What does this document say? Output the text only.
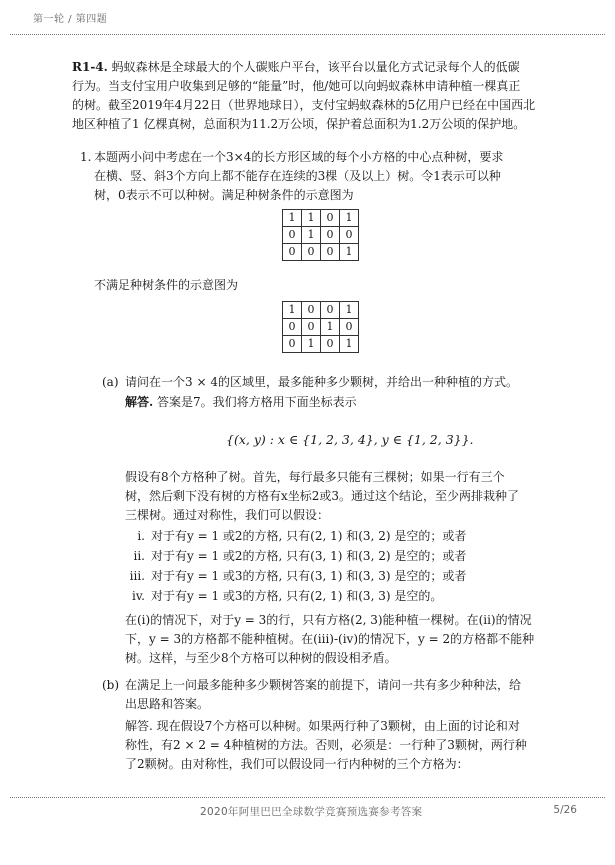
第一轮 / 第四题

R1-4. 蚂蚁森林是全球最大的个人碳账户平台，该平台以量化方式记录每个人的低碳

行为。当支付宝用户收集到足够的“能量”时，他/她可以向蚂蚁森林申请种植一棵真正

的树。截至2019年4月22日（世界地球日），支付宝蚂蚁森林的5亿用户已经在中国西北

地区种植了1 亿棵真树，总面积为11.2万公顷，保护着总面积为1.2万公顷的保护地。

1. 本题两小问中考虑在一个3×4的长方形区域的每个小方格的中心点种树，要求

在横、竖、斜3个方向上都不能存在连续的3棵（及以上）树。令1表示可以种

树，0表示不可以种树。满足种树条件的示意图为

1	1	0	1
0	1	0	0
0	0	0	1

不满足种树条件的示意图为

1	0	0	1
0	0	1	0
0	1	0	1
(a) 请问在一个3 × 4的区域里，最多能种多少颗树，并给出一种种植的方式。

解答. 答案是7。我们将方格用下面坐标表示

{(x, y) : x ∈ {1, 2, 3, 4}, y ∈ {1, 2, 3}}.

假设有8个方格种了树。首先，每行最多只能有三棵树；如果一行有三个

树，然后剩下没有树的方格有x坐标2或3。通过这个结论，至少两排栽种了

三棵树。通过对称性，我们可以假设：

i. 对于有y = 1 或2的方格, 只有(2, 1) 和(3, 2) 是空的；或者
ii. 对于有y = 1 或2的方格, 只有(3, 1) 和(3, 2) 是空的；或者
iii. 对于有y = 1 或3的方格, 只有(3, 1) 和(3, 3) 是空的；或者
iv. 对于有y = 1 或3的方格, 只有(2, 1) 和(3, 3) 是空的。

在(i)的情况下，对于y = 3的行，只有方格(2, 3)能种植一棵树。在(ii)的情况

下，y = 3的方格都不能种植树。在(iii)-(iv)的情况下，y = 2的方格都不能种

树。这样，与至少8个方格可以种树的假设相矛盾。

(b) 在满足上一问最多能种多少颗树答案的前提下，请问一共有多少种种法，给

出思路和答案。

解答. 现在假设7个方格可以种树。如果两行种了3颗树，由上面的讨论和对

称性，有2 × 2 = 4种植树的方法。否则，必须是：一行种了3颗树，两行种

了2颗树。由对称性，我们可以假设同一行内种树的三个方格为：

2020年阿里巴巴全球数学竞赛预选赛参考答案	5/26
